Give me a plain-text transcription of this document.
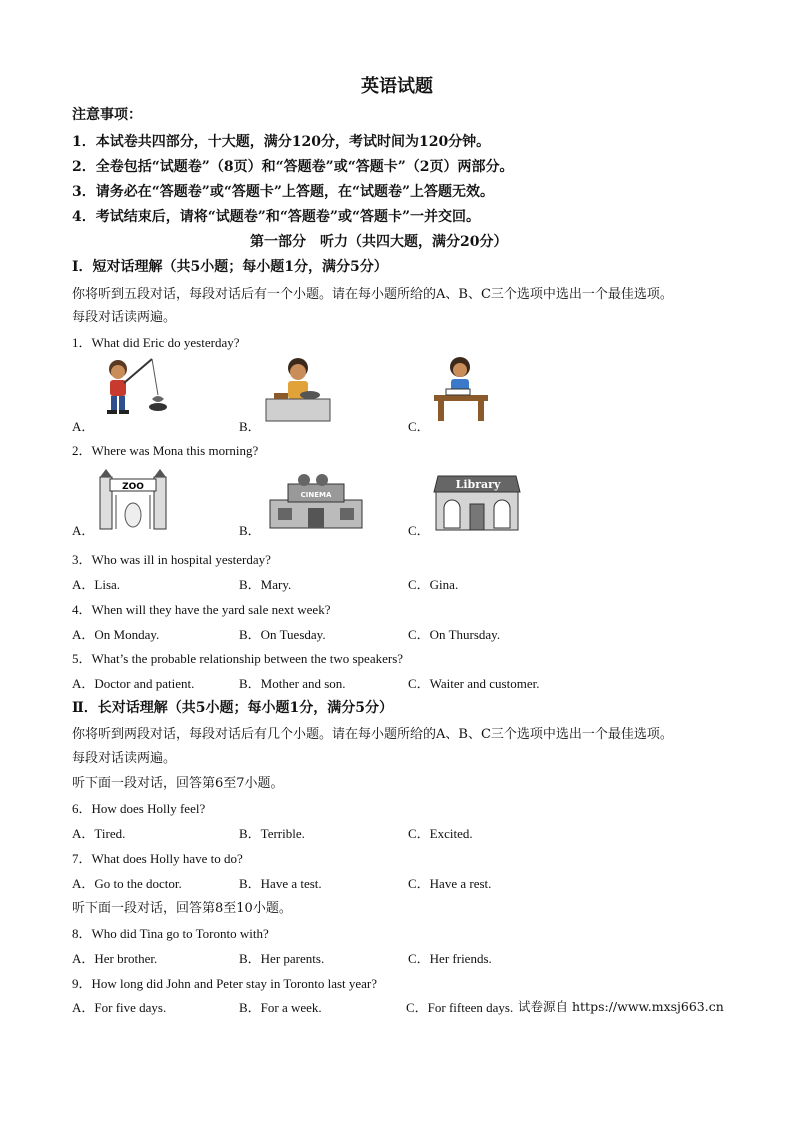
英语试题
注意事项：
1．本试卷共四部分，十大题，满分120分，考试时间为120分钟。
2．全卷包括“试题卷”（8页）和“答题卷”或“答题卡”（2页）两部分。
3．请务必在“答题卷”或“答题卡”上答题，在“试题卷”上答题无效。
4．考试结束后，请将“试题卷”和“答题卷”或“答题卡”一并交回。
第一部分　听力（共四大题，满分20分）
Ⅰ．短对话理解（共5小题；每小题1分，满分5分）
你将听到五段对话，每段对话后有一个小题。请在每小题所给的A、B、C三个选项中选出一个最佳选项。
每段对话读两遍。
1．What did Eric do yesterday?
A．	B．	C．
2．Where was Mona this morning?
A．	B．	C．
ZOO
CINEMA
Library
3．Who was ill in hospital yesterday?
A．Lisa.	B．Mary.	C．Gina.
4．When will they have the yard sale next week?
A．On Monday.	B．On Tuesday.	C．On Thursday.
5．What’s the probable relationship between the two speakers?
A．Doctor and patient.	B．Mother and son.	C．Waiter and customer.
Ⅱ．长对话理解（共5小题；每小题1分，满分5分）
你将听到两段对话，每段对话后有几个小题。请在每小题所给的A、B、C三个选项中选出一个最佳选项。
每段对话读两遍。
听下面一段对话，回答第6至7小题。
6．How does Holly feel?
A．Tired.	B．Terrible.	C．Excited.
7．What does Holly have to do?
A．Go to the doctor.	B．Have a test.	C．Have a rest.
听下面一段对话，回答第8至10小题。
8．Who did Tina go to Toronto with?
A．Her brother.	B．Her parents.	C．Her friends.
9．How long did John and Peter stay in Toronto last year?
A．For five days.	B．For a week.	C．For fifteen days. 试卷源自 https://www.mxsj663.cn
